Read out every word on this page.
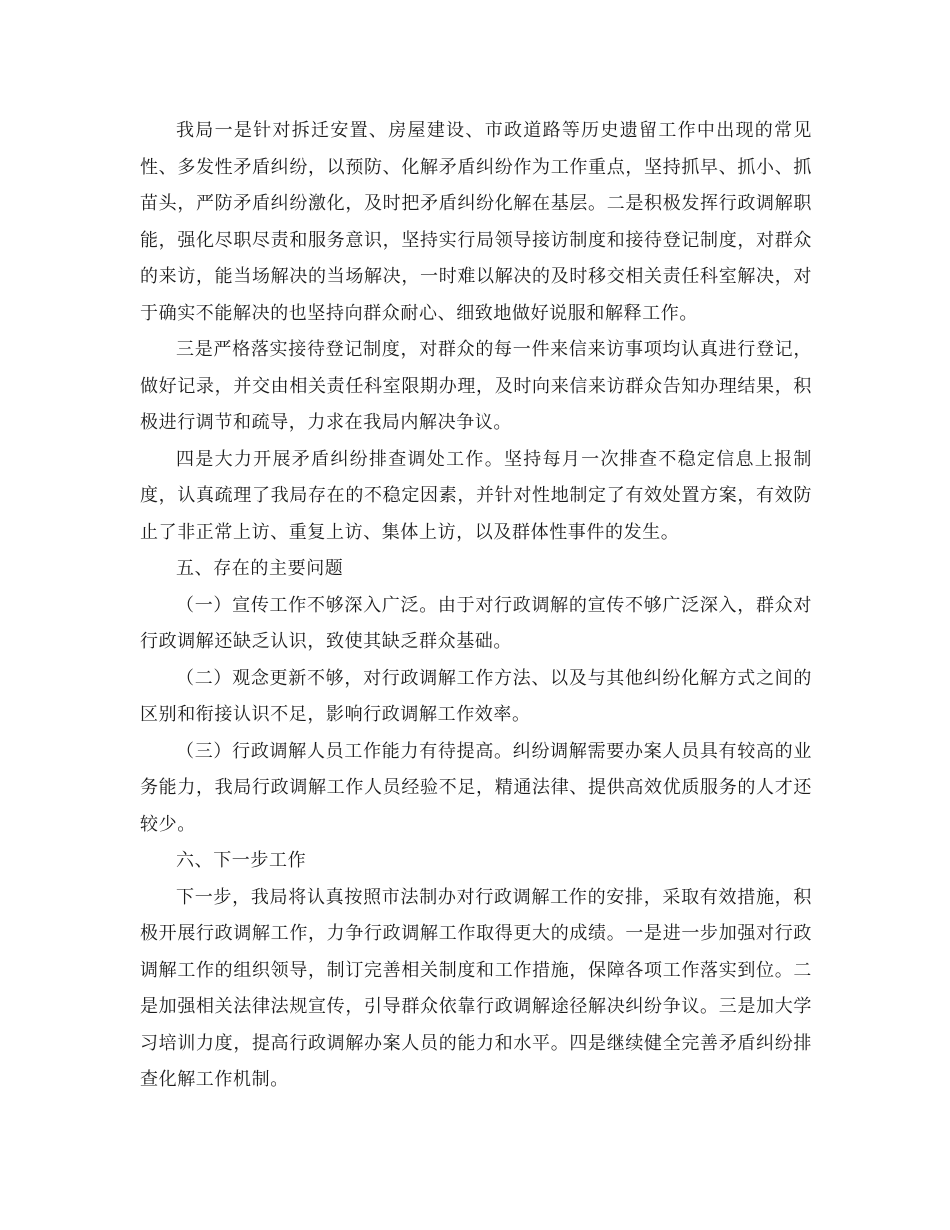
我局一是针对拆迁安置、房屋建设、市政道路等历史遗留工作中出现的常见性、多发性矛盾纠纷，以预防、化解矛盾纠纷作为工作重点，坚持抓早、抓小、抓苗头，严防矛盾纠纷激化，及时把矛盾纠纷化解在基层。二是积极发挥行政调解职能，强化尽职尽责和服务意识，坚持实行局领导接访制度和接待登记制度，对群众的来访，能当场解决的当场解决，一时难以解决的及时移交相关责任科室解决，对于确实不能解决的也坚持向群众耐心、细致地做好说服和解释工作。

三是严格落实接待登记制度，对群众的每一件来信来访事项均认真进行登记，做好记录，并交由相关责任科室限期办理，及时向来信来访群众告知办理结果，积极进行调节和疏导，力求在我局内解决争议。

四是大力开展矛盾纠纷排查调处工作。坚持每月一次排查不稳定信息上报制度，认真疏理了我局存在的不稳定因素，并针对性地制定了有效处置方案，有效防止了非正常上访、重复上访、集体上访，以及群体性事件的发生。

五、存在的主要问题

（一）宣传工作不够深入广泛。由于对行政调解的宣传不够广泛深入，群众对行政调解还缺乏认识，致使其缺乏群众基础。

（二）观念更新不够，对行政调解工作方法、以及与其他纠纷化解方式之间的区别和衔接认识不足，影响行政调解工作效率。

（三）行政调解人员工作能力有待提高。纠纷调解需要办案人员具有较高的业务能力，我局行政调解工作人员经验不足，精通法律、提供高效优质服务的人才还较少。

六、下一步工作

下一步，我局将认真按照市法制办对行政调解工作的安排，采取有效措施，积极开展行政调解工作，力争行政调解工作取得更大的成绩。一是进一步加强对行政调解工作的组织领导，制订完善相关制度和工作措施，保障各项工作落实到位。二是加强相关法律法规宣传，引导群众依靠行政调解途径解决纠纷争议。三是加大学习培训力度，提高行政调解办案人员的能力和水平。四是继续健全完善矛盾纠纷排查化解工作机制。
